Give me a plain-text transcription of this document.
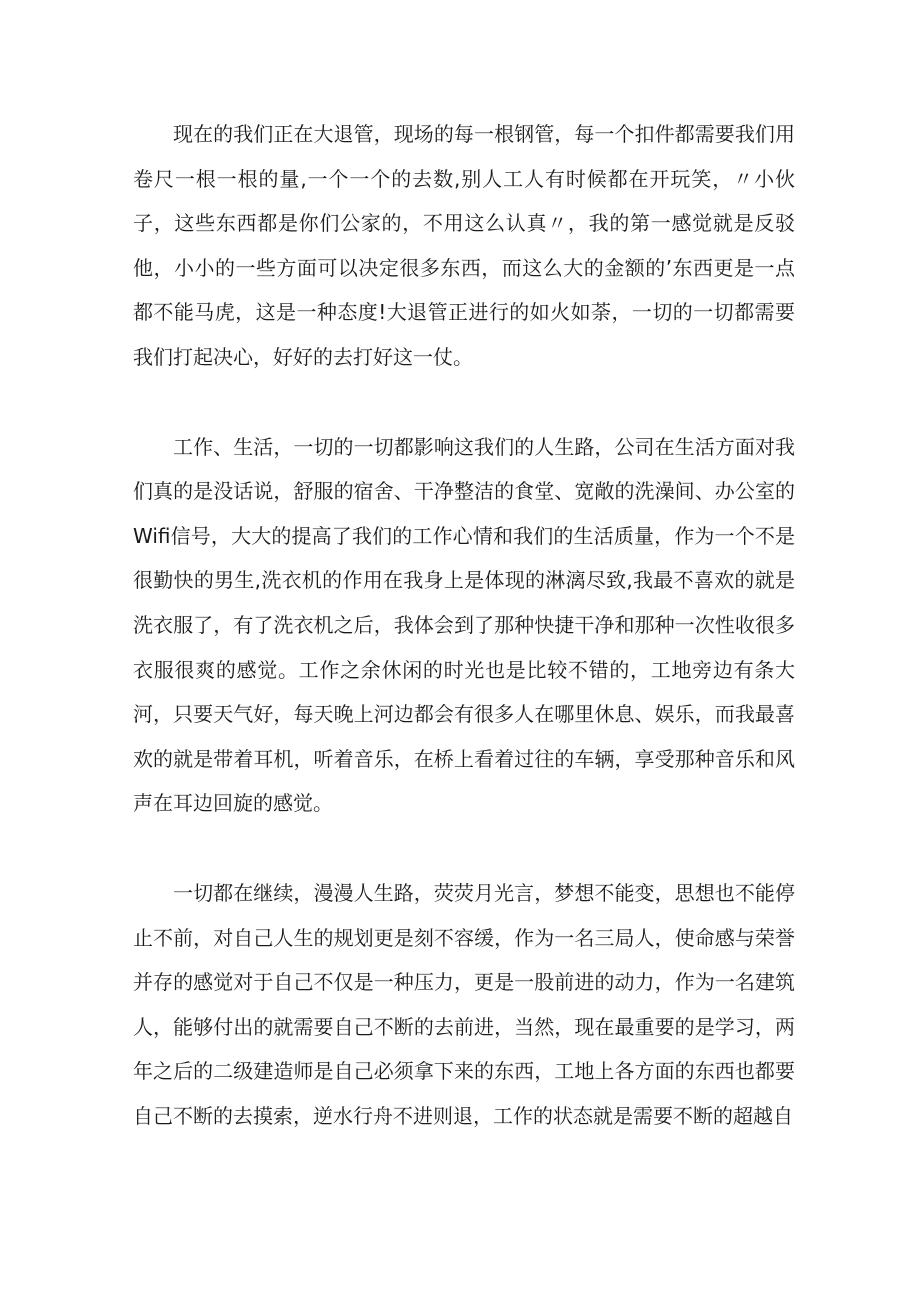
现在的我们正在大退管，现场的每一根钢管，每一个扣件都需要我们用卷尺一根一根的量,一个一个的去数,别人工人有时候都在开玩笑，〃小伙子，这些东西都是你们公家的，不用这么认真〃，我的第一感觉就是反驳他，小小的一些方面可以决定很多东西，而这么大的金额的’东西更是一点都不能马虎，这是一种态度!大退管正进行的如火如荼，一切的一切都需要我们打起决心，好好的去打好这一仗。

工作、生活，一切的一切都影响这我们的人生路，公司在生活方面对我们真的是没话说，舒服的宿舍、干净整洁的食堂、宽敞的洗澡间、办公室的Wifi信号，大大的提高了我们的工作心情和我们的生活质量，作为一个不是很勤快的男生,洗衣机的作用在我身上是体现的淋漓尽致,我最不喜欢的就是洗衣服了，有了洗衣机之后，我体会到了那种快捷干净和那种一次性收很多衣服很爽的感觉。工作之余休闲的时光也是比较不错的，工地旁边有条大河，只要天气好，每天晚上河边都会有很多人在哪里休息、娱乐，而我最喜欢的就是带着耳机，听着音乐，在桥上看着过往的车辆，享受那种音乐和风声在耳边回旋的感觉。

一切都在继续，漫漫人生路，荧荧月光言，梦想不能变，思想也不能停止不前，对自己人生的规划更是刻不容缓，作为一名三局人，使命感与荣誉并存的感觉对于自己不仅是一种压力，更是一股前进的动力，作为一名建筑人，能够付出的就需要自己不断的去前进，当然，现在最重要的是学习，两年之后的二级建造师是自己必须拿下来的东西，工地上各方面的东西也都要自己不断的去摸索，逆水行舟不进则退，工作的状态就是需要不断的超越自
